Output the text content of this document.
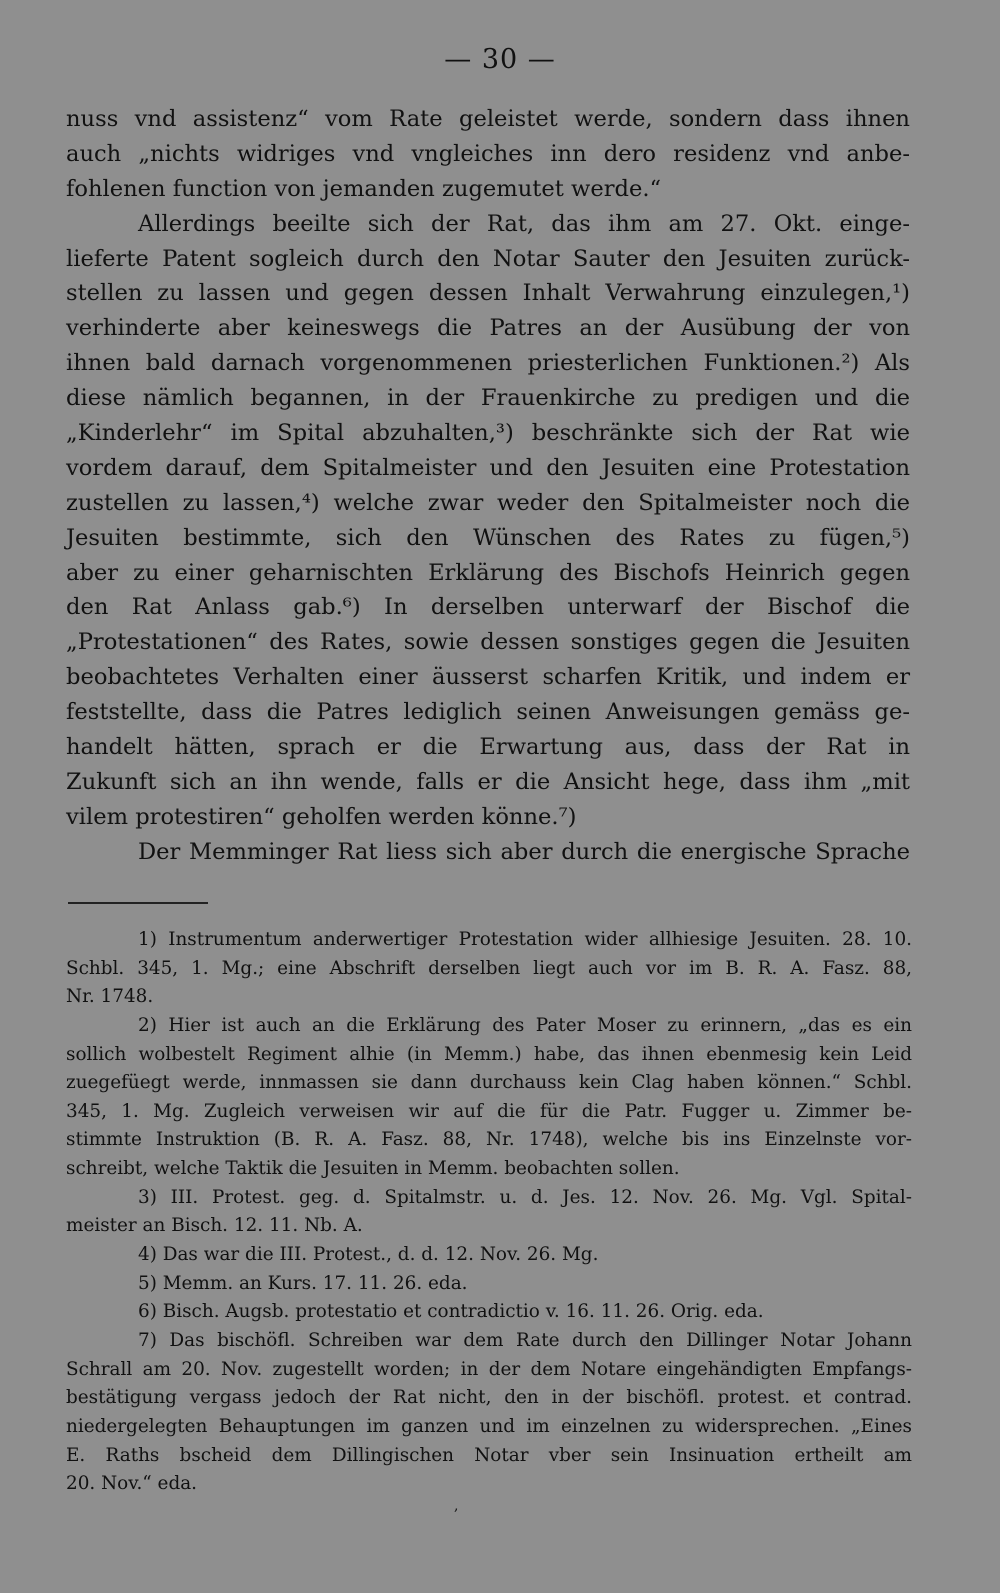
— 30 —
nuss vnd assistenz“ vom Rate geleistet werde, sondern dass ihnen
auch „nichts widriges vnd vngleiches inn dero residenz vnd anbe-
fohlenen function von jemanden zugemutet werde.“
Allerdings beeilte sich der Rat, das ihm am 27. Okt. einge-
lieferte Patent sogleich durch den Notar Sauter den Jesuiten zurück-
stellen zu lassen und gegen dessen Inhalt Verwahrung einzulegen,¹)
verhinderte aber keineswegs die Patres an der Ausübung der von
ihnen bald darnach vorgenommenen priesterlichen Funktionen.²) Als
diese nämlich begannen, in der Frauenkirche zu predigen und die
„Kinderlehr“ im Spital abzuhalten,³) beschränkte sich der Rat wie
vordem darauf, dem Spitalmeister und den Jesuiten eine Protestation
zustellen zu lassen,⁴) welche zwar weder den Spitalmeister noch die
Jesuiten bestimmte, sich den Wünschen des Rates zu fügen,⁵)
aber zu einer geharnischten Erklärung des Bischofs Heinrich gegen
den Rat Anlass gab.⁶) In derselben unterwarf der Bischof die
„Protestationen“ des Rates, sowie dessen sonstiges gegen die Jesuiten
beobachtetes Verhalten einer äusserst scharfen Kritik, und indem er
feststellte, dass die Patres lediglich seinen Anweisungen gemäss ge-
handelt hätten, sprach er die Erwartung aus, dass der Rat in
Zukunft sich an ihn wende, falls er die Ansicht hege, dass ihm „mit
vilem protestiren“ geholfen werden könne.⁷)
Der Memminger Rat liess sich aber durch die energische Sprache
1) Instrumentum anderwertiger Protestation wider allhiesige Jesuiten. 28. 10.
Schbl. 345, 1. Mg.; eine Abschrift derselben liegt auch vor im B. R. A. Fasz. 88,
Nr. 1748.
2) Hier ist auch an die Erklärung des Pater Moser zu erinnern, „das es ein
sollich wolbestelt Regiment alhie (in Memm.) habe, das ihnen ebenmesig kein Leid
zuegefüegt werde, innmassen sie dann durchauss kein Clag haben können.“ Schbl.
345, 1. Mg. Zugleich verweisen wir auf die für die Patr. Fugger u. Zimmer be-
stimmte Instruktion (B. R. A. Fasz. 88, Nr. 1748), welche bis ins Einzelnste vor-
schreibt, welche Taktik die Jesuiten in Memm. beobachten sollen.
3) III. Protest. geg. d. Spitalmstr. u. d. Jes. 12. Nov. 26. Mg. Vgl. Spital-
meister an Bisch. 12. 11. Nb. A.
4) Das war die III. Protest., d. d. 12. Nov. 26. Mg.
5) Memm. an Kurs. 17. 11. 26. eda.
6) Bisch. Augsb. protestatio et contradictio v. 16. 11. 26. Orig. eda.
7) Das bischöfl. Schreiben war dem Rate durch den Dillinger Notar Johann
Schrall am 20. Nov. zugestellt worden; in der dem Notare eingehändigten Empfangs-
bestätigung vergass jedoch der Rat nicht, den in der bischöfl. protest. et contrad.
niedergelegten Behauptungen im ganzen und im einzelnen zu widersprechen. „Eines
E. Raths bscheid dem Dillingischen Notar vber sein Insinuation ertheilt am
20. Nov.“ eda.
,
